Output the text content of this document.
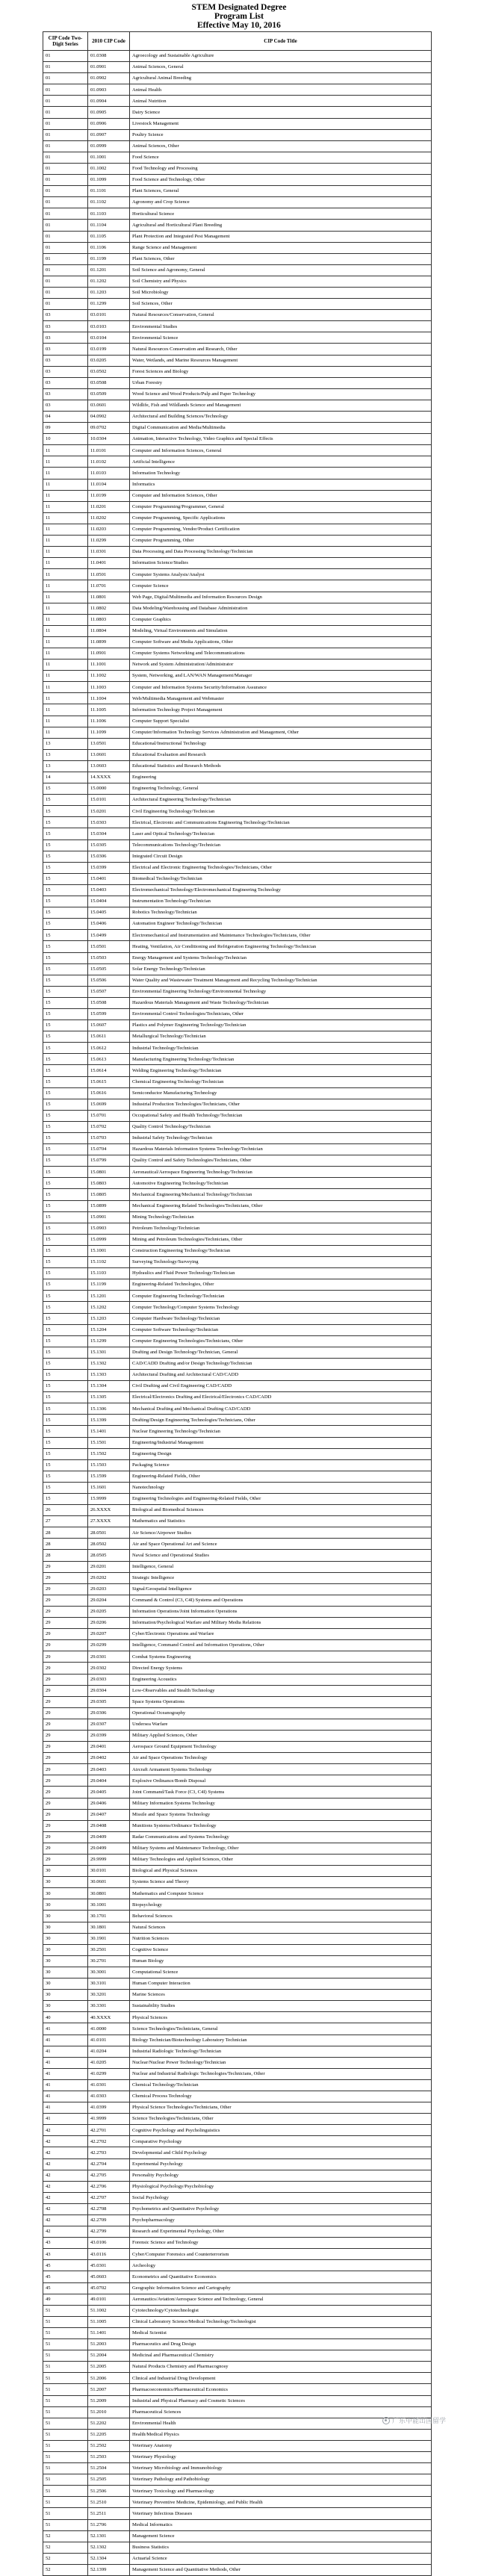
STEM Designated Degree
Program List
Effective May 10, 2016
CIP Code Two-Digit Series	2010 CIP Code	CIP Code Title
01	01.0308	Agroecology and Sustainable Agriculture
01	01.0901	Animal Sciences, General
01	01.0902	Agricultural Animal Breeding
01	01.0903	Animal Health
01	01.0904	Animal Nutrition
01	01.0905	Dairy Science
01	01.0906	Livestock Management
01	01.0907	Poultry Science
01	01.0999	Animal Sciences, Other
01	01.1001	Food Science
01	01.1002	Food Technology and Processing
01	01.1099	Food Science and Technology, Other
01	01.1101	Plant Sciences, General
01	01.1102	Agronomy and Crop Science
01	01.1103	Horticultural Science
01	01.1104	Agricultural and Horticultural Plant Breeding
01	01.1105	Plant Protection and Integrated Pest Management
01	01.1106	Range Science and Management
01	01.1199	Plant Sciences, Other
01	01.1201	Soil Science and Agronomy, General
01	01.1202	Soil Chemistry and Physics
01	01.1203	Soil Microbiology
01	01.1299	Soil Sciences, Other
03	03.0101	Natural Resources/Conservation, General
03	03.0103	Environmental Studies
03	03.0104	Environmental Science
03	03.0199	Natural Resources Conservation and Research, Other
03	03.0205	Water, Wetlands, and Marine Resources Management
03	03.0502	Forest Sciences and Biology
03	03.0508	Urban Forestry
03	03.0509	Wood Science and Wood Products/Pulp and Paper Technology
03	03.0601	Wildlife, Fish and Wildlands Science and Management
04	04.0902	Architectural and Building Sciences/Technology
09	09.0702	Digital Communication and Media/Multimedia
10	10.0304	Animation, Interactive Technology, Video Graphics and Special Effects
11	11.0101	Computer and Information Sciences, General
11	11.0102	Artificial Intelligence
11	11.0103	Information Technology
11	11.0104	Informatics
11	11.0199	Computer and Information Sciences, Other
11	11.0201	Computer Programming/Programmer, General
11	11.0202	Computer Programming, Specific Applications
11	11.0203	Computer Programming, Vendor/Product Certification
11	11.0299	Computer Programming, Other
11	11.0301	Data Processing and Data Processing Technology/Technician
11	11.0401	Information Science/Studies
11	11.0501	Computer Systems Analysis/Analyst
11	11.0701	Computer Science
11	11.0801	Web Page, Digital/Multimedia and Information Resources Design
11	11.0802	Data Modeling/Warehousing and Database Administration
11	11.0803	Computer Graphics
11	11.0804	Modeling, Virtual Environments and Simulation
11	11.0899	Computer Software and Media Applications, Other
11	11.0901	Computer Systems Networking and Telecommunications
11	11.1001	Network and System Administration/Administrator
11	11.1002	System, Networking, and LAN/WAN Management/Manager
11	11.1003	Computer and Information Systems Security/Information Assurance
11	11.1004	Web/Multimedia Management and Webmaster
11	11.1005	Information Technology Project Management
11	11.1006	Computer Support Specialist
11	11.1099	Computer/Information Technology Services Administration and Management, Other
13	13.0501	Educational/Instructional Technology
13	13.0601	Educational Evaluation and Research
13	13.0603	Educational Statistics and Research Methods
14	14.XXXX	Engineering
15	15.0000	Engineering Technology, General
15	15.0101	Architectural Engineering Technology/Technician
15	15.0201	Civil Engineering Technology/Technician
15	15.0303	Electrical, Electronic and Communications Engineering Technology/Technician
15	15.0304	Laser and Optical Technology/Technician
15	15.0305	Telecommunications Technology/Technician
15	15.0306	Integrated Circuit Design
15	15.0399	Electrical and Electronic Engineering Technologies/Technicians, Other
15	15.0401	Biomedical Technology/Technician
15	15.0403	Electromechanical Technology/Electromechanical Engineering Technology
15	15.0404	Instrumentation Technology/Technician
15	15.0405	Robotics Technology/Technician
15	15.0406	Automation Engineer Technology/Technician
15	15.0499	Electromechanical and Instrumentation and Maintenance Technologies/Technicians, Other
15	15.0501	Heating, Ventilation, Air Conditioning and Refrigeration Engineering Technology/Technician
15	15.0503	Energy Management and Systems Technology/Technician
15	15.0505	Solar Energy Technology/Technician
15	15.0506	Water Quality and Wastewater Treatment Management and Recycling Technology/Technician
15	15.0507	Environmental Engineering Technology/Environmental Technology
15	15.0508	Hazardous Materials Management and Waste Technology/Technician
15	15.0599	Environmental Control Technologies/Technicians, Other
15	15.0607	Plastics and Polymer Engineering Technology/Technician
15	15.0611	Metallurgical Technology/Technician
15	15.0612	Industrial Technology/Technician
15	15.0613	Manufacturing Engineering Technology/Technician
15	15.0614	Welding Engineering Technology/Technician
15	15.0615	Chemical Engineering Technology/Technician
15	15.0616	Semiconductor Manufacturing Technology
15	15.0699	Industrial Production Technologies/Technicians, Other
15	15.0701	Occupational Safety and Health Technology/Technician
15	15.0702	Quality Control Technology/Technician
15	15.0703	Industrial Safety Technology/Technician
15	15.0704	Hazardous Materials Information Systems Technology/Technician
15	15.0799	Quality Control and Safety Technologies/Technicians, Other
15	15.0801	Aeronautical/Aerospace Engineering Technology/Technician
15	15.0803	Automotive Engineering Technology/Technician
15	15.0805	Mechanical Engineering/Mechanical Technology/Technician
15	15.0899	Mechanical Engineering Related Technologies/Technicians, Other
15	15.0901	Mining Technology/Technician
15	15.0903	Petroleum Technology/Technician
15	15.0999	Mining and Petroleum Technologies/Technicians, Other
15	15.1001	Construction Engineering Technology/Technician
15	15.1102	Surveying Technology/Surveying
15	15.1103	Hydraulics and Fluid Power Technology/Technician
15	15.1199	Engineering-Related Technologies, Other
15	15.1201	Computer Engineering Technology/Technician
15	15.1202	Computer Technology/Computer Systems Technology
15	15.1203	Computer Hardware Technology/Technician
15	15.1204	Computer Software Technology/Technician
15	15.1299	Computer Engineering Technologies/Technicians, Other
15	15.1301	Drafting and Design Technology/Technician, General
15	15.1302	CAD/CADD Drafting and/or Design Technology/Technician
15	15.1303	Architectural Drafting and Architectural CAD/CADD
15	15.1304	Civil Drafting and Civil Engineering CAD/CADD
15	15.1305	Electrical/Electronics Drafting and Electrical/Electronics CAD/CADD
15	15.1306	Mechanical Drafting and Mechanical Drafting CAD/CADD
15	15.1399	Drafting/Design Engineering Technologies/Technicians, Other
15	15.1401	Nuclear Engineering Technology/Technician
15	15.1501	Engineering/Industrial Management
15	15.1502	Engineering Design
15	15.1503	Packaging Science
15	15.1599	Engineering-Related Fields, Other
15	15.1601	Nanotechnology
15	15.9999	Engineering Technologies and Engineering-Related Fields, Other
26	26.XXXX	Biological and Biomedical Sciences
27	27.XXXX	Mathematics and Statistics
28	28.0501	Air Science/Airpower Studies
28	28.0502	Air and Space Operational Art and Science
28	28.0505	Naval Science and Operational Studies
29	29.0201	Intelligence, General
29	29.0202	Strategic Intelligence
29	29.0203	Signal/Geospatial Intelligence
29	29.0204	Command & Control (C3, C4I) Systems and Operations
29	29.0205	Information Operations/Joint Information Operations
29	29.0206	Information/Psychological Warfare and Military Media Relations
29	29.0207	Cyber/Electronic Operations and Warfare
29	29.0299	Intelligence, Command Control and Information Operations, Other
29	29.0301	Combat Systems Engineering
29	29.0302	Directed Energy Systems
29	29.0303	Engineering Acoustics
29	29.0304	Low-Observables and Stealth Technology
29	29.0305	Space Systems Operations
29	29.0306	Operational Oceanography
29	29.0307	Undersea Warfare
29	29.0399	Military Applied Sciences, Other
29	29.0401	Aerospace Ground Equipment Technology
29	29.0402	Air and Space Operations Technology
29	29.0403	Aircraft Armament Systems Technology
29	29.0404	Explosive Ordinance/Bomb Disposal
29	29.0405	Joint Command/Task Force (C3, C4I) Systems
29	29.0406	Military Information Systems Technology
29	29.0407	Missile and Space Systems Technology
29	29.0408	Munitions Systems/Ordinance Technology
29	29.0409	Radar Communications and Systems Technology
29	29.0499	Military Systems and Maintenance Technology, Other
29	29.9999	Military Technologies and Applied Sciences, Other
30	30.0101	Biological and Physical Sciences
30	30.0601	Systems Science and Theory
30	30.0801	Mathematics and Computer Science
30	30.1001	Biopsychology
30	30.1701	Behavioral Sciences
30	30.1801	Natural Sciences
30	30.1901	Nutrition Sciences
30	30.2501	Cognitive Science
30	30.2701	Human Biology
30	30.3001	Computational Science
30	30.3101	Human Computer Interaction
30	30.3201	Marine Sciences
30	30.3301	Sustainability Studies
40	40.XXXX	Physical Sciences
41	41.0000	Science Technologies/Technicians, General
41	41.0101	Biology Technician/Biotechnology Laboratory Technician
41	41.0204	Industrial Radiologic Technology/Technician
41	41.0205	Nuclear/Nuclear Power Technology/Technician
41	41.0299	Nuclear and Industrial Radiologic Technologies/Technicians, Other
41	41.0301	Chemical Technology/Technician
41	41.0303	Chemical Process Technology
41	41.0399	Physical Science Technologies/Technicians, Other
41	41.9999	Science Technologies/Technicians, Other
42	42.2701	Cognitive Psychology and Psycholinguistics
42	42.2702	Comparative Psychology
42	42.2703	Developmental and Child Psychology
42	42.2704	Experimental Psychology
42	42.2705	Personality Psychology
42	42.2706	Physiological Psychology/Psychobiology
42	42.2707	Social Psychology
42	42.2708	Psychometrics and Quantitative Psychology
42	42.2709	Psychopharmacology
42	42.2799	Research and Experimental Psychology, Other
43	43.0106	Forensic Science and Technology
43	43.0116	Cyber/Computer Forensics and Counterterrorism
45	45.0301	Archeology
45	45.0603	Econometrics and Quantitative Economics
45	45.0702	Geographic Information Science and Cartography
49	49.0101	Aeronautics/Aviation/Aerospace Science and Technology, General
51	51.1002	Cytotechnology/Cytotechnologist
51	51.1005	Clinical Laboratory Science/Medical Technology/Technologist
51	51.1401	Medical Scientist
51	51.2003	Pharmaceutics and Drug Design
51	51.2004	Medicinal and Pharmaceutical Chemistry
51	51.2005	Natural Products Chemistry and Pharmacognosy
51	51.2006	Clinical and Industrial Drug Development
51	51.2007	Pharmacoeconomics/Pharmaceutical Economics
51	51.2009	Industrial and Physical Pharmacy and Cosmetic Sciences
51	51.2010	Pharmaceutical Sciences
51	51.2202	Environmental Health
51	51.2205	Health/Medical Physics
51	51.2502	Veterinary Anatomy
51	51.2503	Veterinary Physiology
51	51.2504	Veterinary Microbiology and Immunobiology
51	51.2505	Veterinary Pathology and Pathobiology
51	51.2506	Veterinary Toxicology and Pharmacology
51	51.2510	Veterinary Preventive Medicine, Epidemiology, and Public Health
51	51.2511	Veterinary Infectious Diseases
51	51.2706	Medical Informatics
52	52.1301	Management Science
52	52.1302	Business Statistics
52	52.1304	Actuarial Science
52	52.1399	Management Science and Quantitative Methods, Other
广东中能出国留学
